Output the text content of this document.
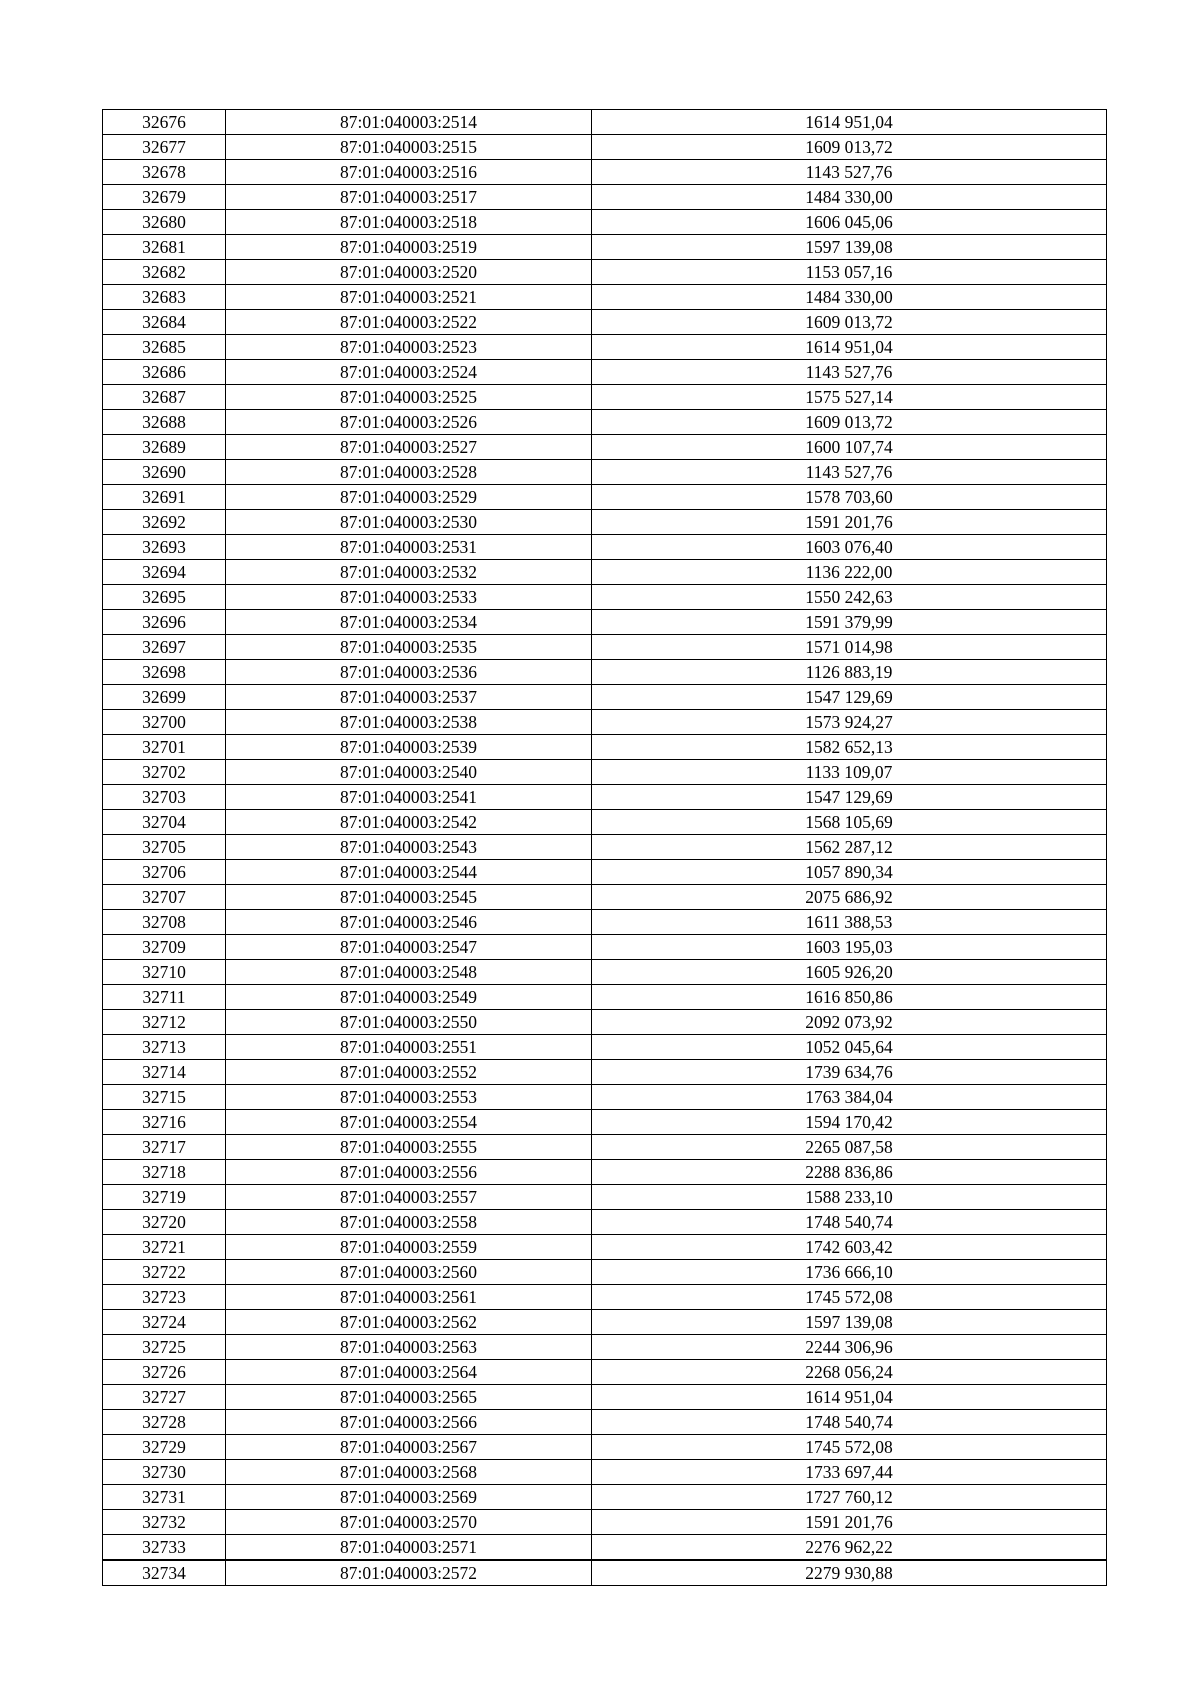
32676	87:01:040003:2514	1614 951,04
32677	87:01:040003:2515	1609 013,72
32678	87:01:040003:2516	1143 527,76
32679	87:01:040003:2517	1484 330,00
32680	87:01:040003:2518	1606 045,06
32681	87:01:040003:2519	1597 139,08
32682	87:01:040003:2520	1153 057,16
32683	87:01:040003:2521	1484 330,00
32684	87:01:040003:2522	1609 013,72
32685	87:01:040003:2523	1614 951,04
32686	87:01:040003:2524	1143 527,76
32687	87:01:040003:2525	1575 527,14
32688	87:01:040003:2526	1609 013,72
32689	87:01:040003:2527	1600 107,74
32690	87:01:040003:2528	1143 527,76
32691	87:01:040003:2529	1578 703,60
32692	87:01:040003:2530	1591 201,76
32693	87:01:040003:2531	1603 076,40
32694	87:01:040003:2532	1136 222,00
32695	87:01:040003:2533	1550 242,63
32696	87:01:040003:2534	1591 379,99
32697	87:01:040003:2535	1571 014,98
32698	87:01:040003:2536	1126 883,19
32699	87:01:040003:2537	1547 129,69
32700	87:01:040003:2538	1573 924,27
32701	87:01:040003:2539	1582 652,13
32702	87:01:040003:2540	1133 109,07
32703	87:01:040003:2541	1547 129,69
32704	87:01:040003:2542	1568 105,69
32705	87:01:040003:2543	1562 287,12
32706	87:01:040003:2544	1057 890,34
32707	87:01:040003:2545	2075 686,92
32708	87:01:040003:2546	1611 388,53
32709	87:01:040003:2547	1603 195,03
32710	87:01:040003:2548	1605 926,20
32711	87:01:040003:2549	1616 850,86
32712	87:01:040003:2550	2092 073,92
32713	87:01:040003:2551	1052 045,64
32714	87:01:040003:2552	1739 634,76
32715	87:01:040003:2553	1763 384,04
32716	87:01:040003:2554	1594 170,42
32717	87:01:040003:2555	2265 087,58
32718	87:01:040003:2556	2288 836,86
32719	87:01:040003:2557	1588 233,10
32720	87:01:040003:2558	1748 540,74
32721	87:01:040003:2559	1742 603,42
32722	87:01:040003:2560	1736 666,10
32723	87:01:040003:2561	1745 572,08
32724	87:01:040003:2562	1597 139,08
32725	87:01:040003:2563	2244 306,96
32726	87:01:040003:2564	2268 056,24
32727	87:01:040003:2565	1614 951,04
32728	87:01:040003:2566	1748 540,74
32729	87:01:040003:2567	1745 572,08
32730	87:01:040003:2568	1733 697,44
32731	87:01:040003:2569	1727 760,12
32732	87:01:040003:2570	1591 201,76
32733	87:01:040003:2571	2276 962,22
32734	87:01:040003:2572	2279 930,88
